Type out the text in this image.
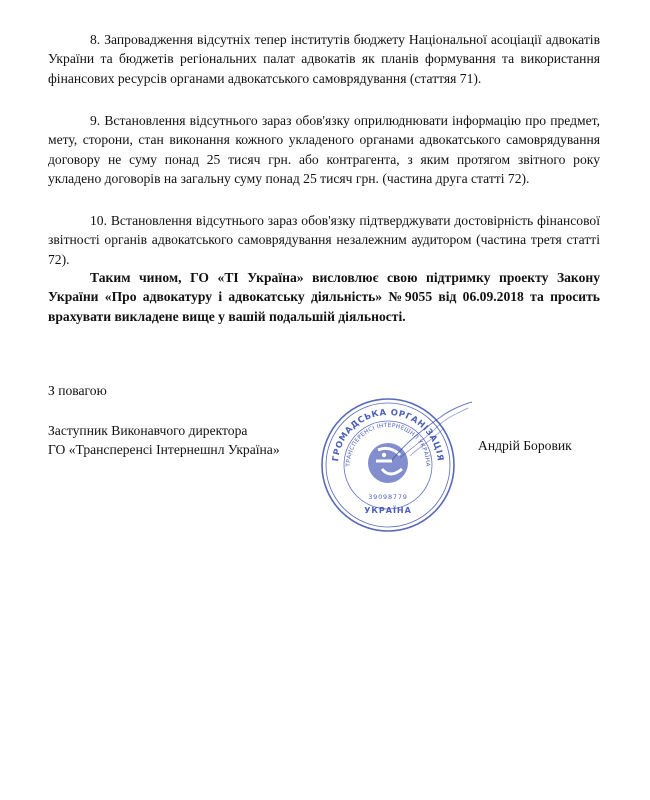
8. Запровадження відсутніх тепер інститутів бюджету Національної асоціації адвокатів України та бюджетів регіональних палат адвокатів як планів формування та використання фінансових ресурсів органами адвокатського самоврядування (статтяя 71).

9. Встановлення відсутнього зараз обов'язку оприлюднювати інформацію про предмет, мету, сторони, стан виконання кожного укладеного органами адвокатського самоврядування договору не суму понад 25 тисяч грн. або контрагента, з яким протягом звітного року укладено договорів на загальну суму понад 25 тисяч грн. (частина друга статті 72).

10. Встановлення відсутнього зараз обов'язку підтверджувати достовірність фінансової звітності органів адвокатського самоврядування незалежним аудитором (частина третя статті 72).

Таким чином, ГО «ТІ Україна» висловлює свою підтримку проекту Закону України «Про адвокатуру і адвокатську діяльність» №9055 від 06.09.2018 та просить врахувати викладене вище у вашій подальшій діяльності.

З повагою

Заступник Виконавчого директора

ГО «Трансперенсі Інтернешнл Україна»	Андрій Боровик

ГРОМАДСЬКА ОРГАНІЗАЦІЯ
ТРАНСПЕРЕНСІ ІНТЕРНЕШНЛ УКРАЇНА
39098779
УКРАЇНА
